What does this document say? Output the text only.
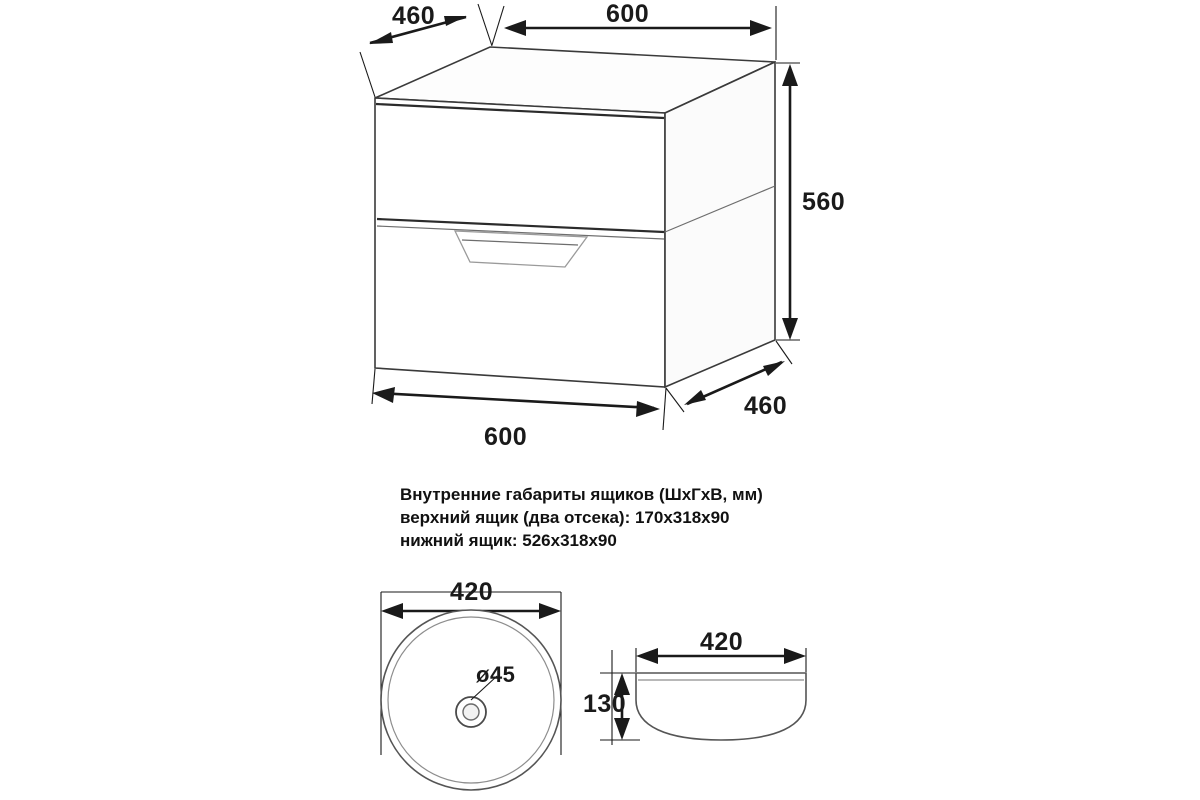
460	600
560
460
600
Внутренние габариты ящиков (ШхГхВ, мм)
верхний ящик (два отсека): 170x318x90
нижний ящик: 526x318x90
420
ø45
420
130
